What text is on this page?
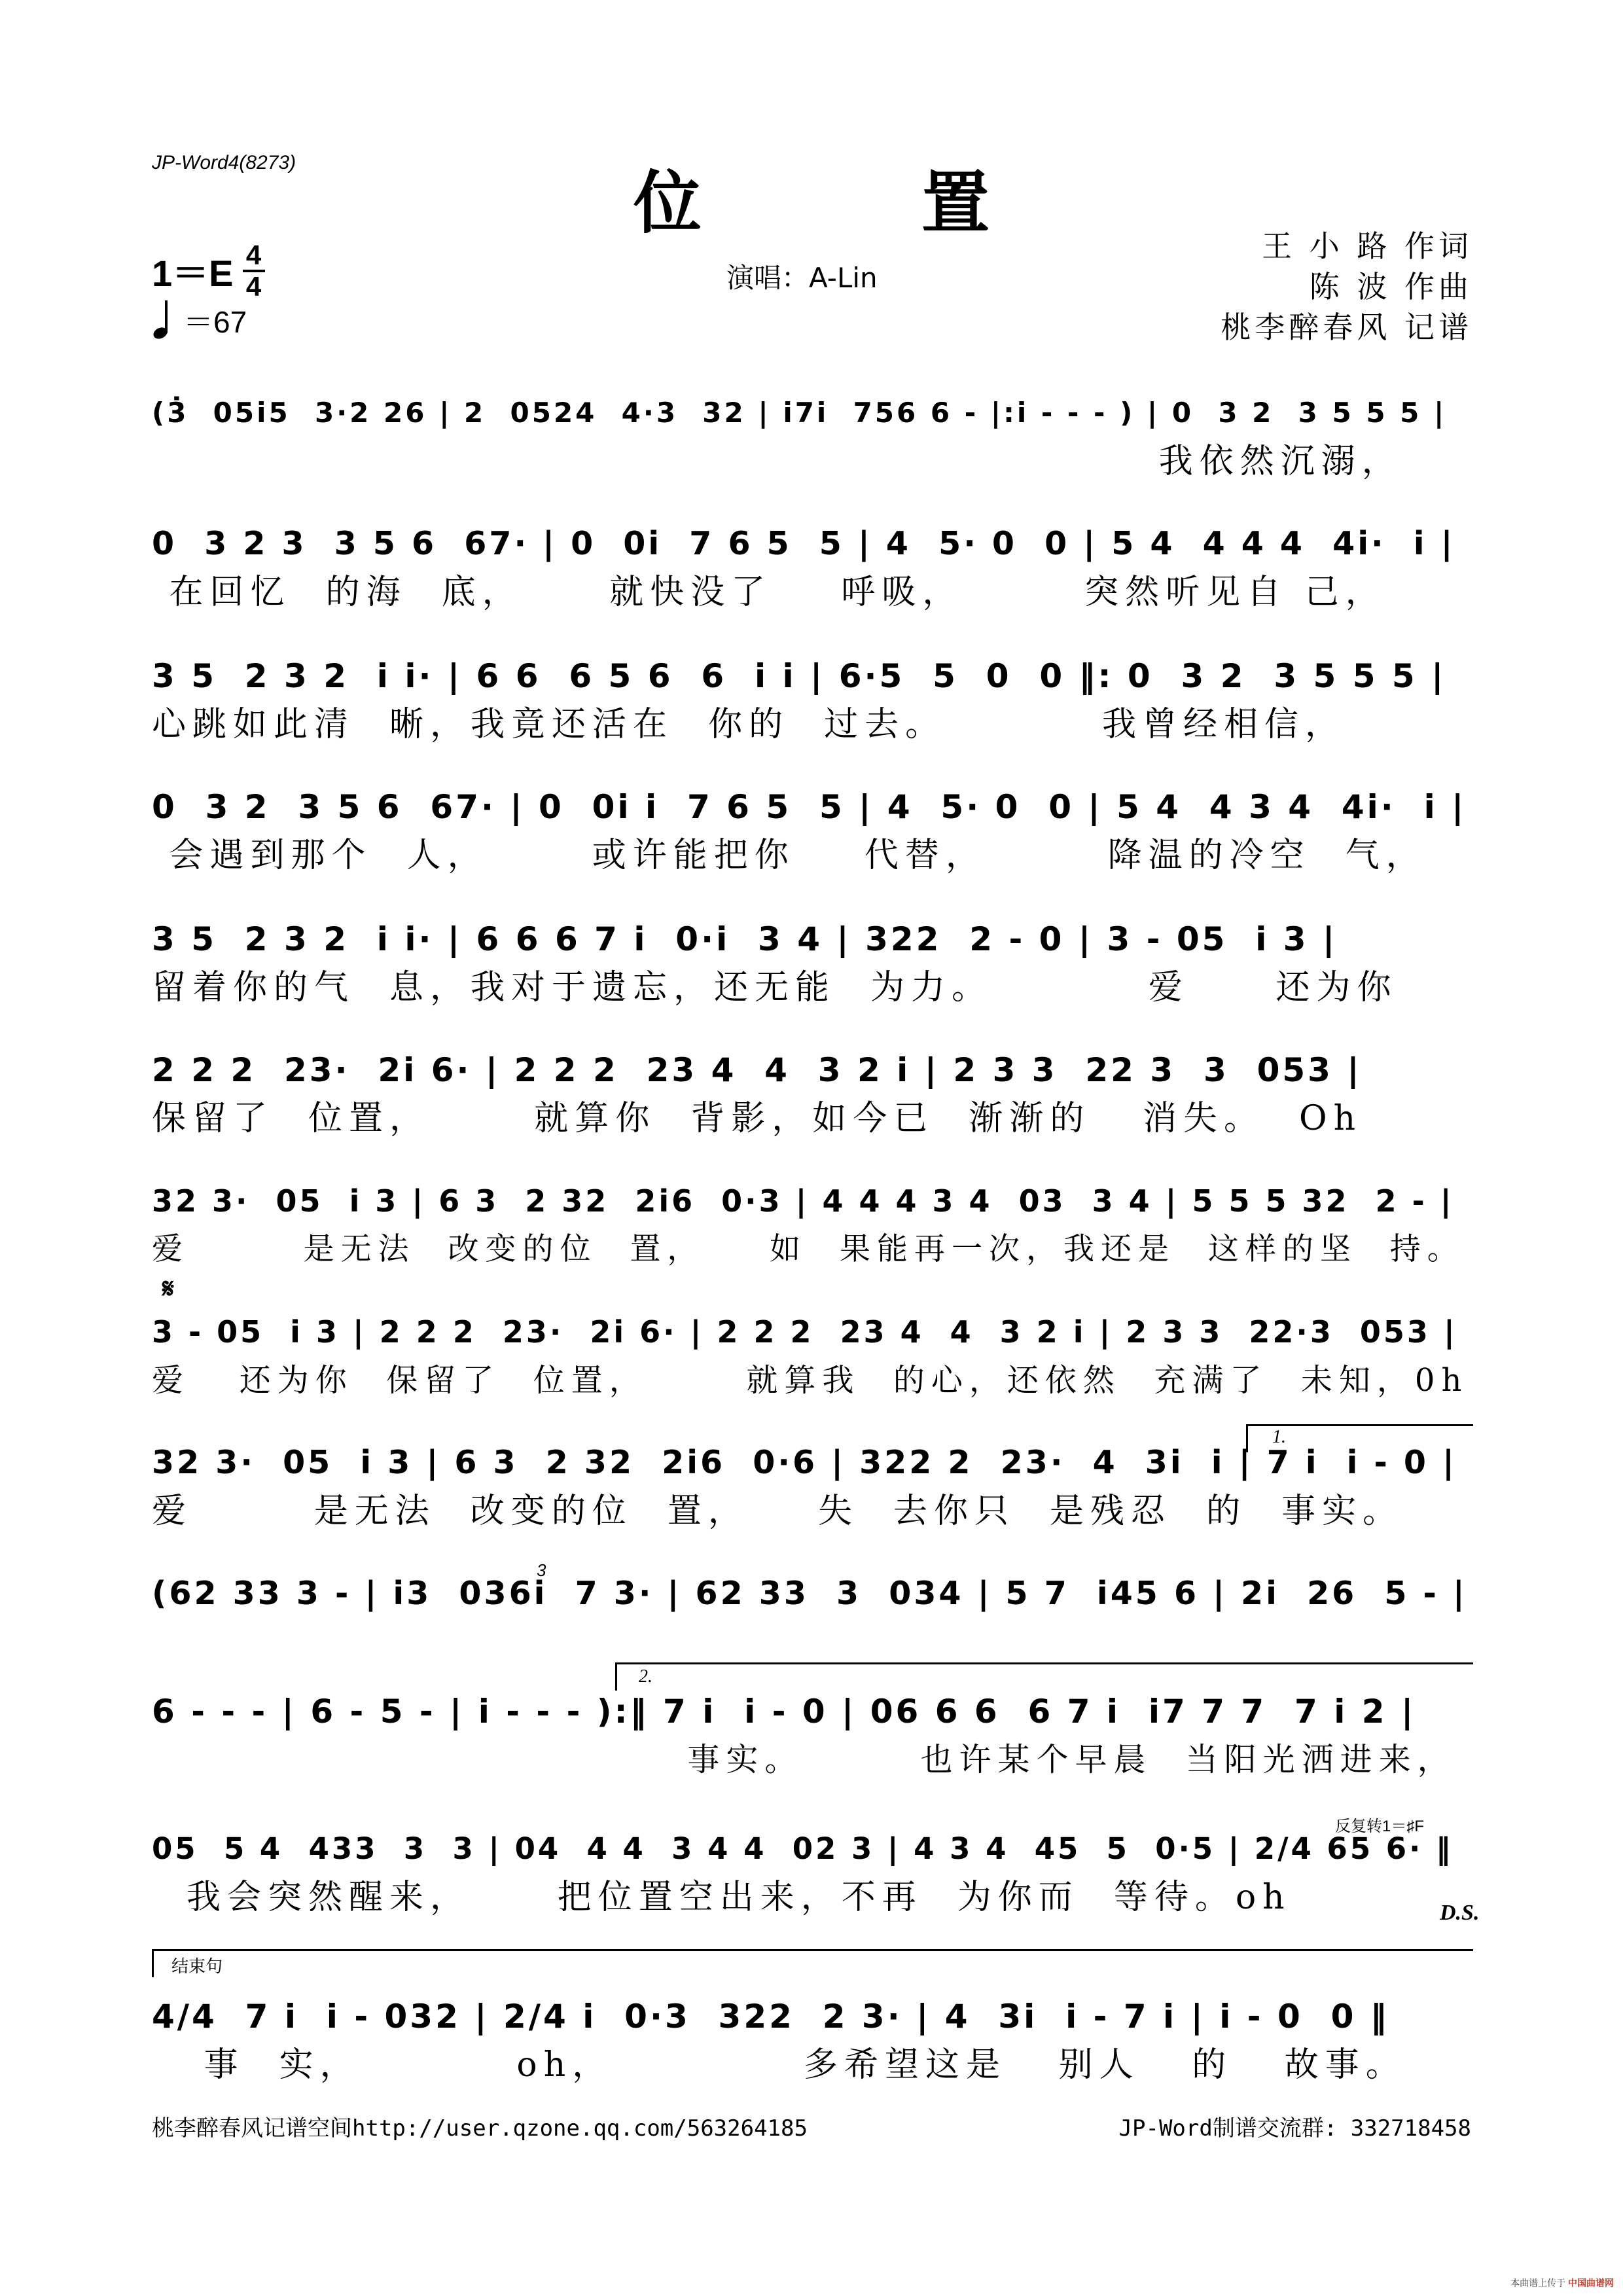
JP-Word4(8273)	位 置
$1=E \frac{4}{4}$
＝67
演唱：A-Lin
王 小 路 作词
陈 波 作曲
桃李醉春风 记谱
(3̇  05i5  3·2 26 | 2  0524  4·3  32 | i7i  756 6 - |:i - - - ) | 0  3 2  3 5 5 5 |
我依然沉溺，
0  3 2 3  3 5 6  67· | 0  0i  7 6 5  5 | 4  5· 0  0 | 5 4  4 4 4  4i·  i |
在回忆  的海  底，     就快没了    呼吸，       突然听见自 己，
3 5  2 3 2  i i· | 6 6  6 5 6  6  i i | 6·5  5  0  0 ‖: 0  3 2  3 5 5 5 |
心跳如此清  晰，我竟还活在  你的  过去。         我曾经相信，
0  3 2  3 5 6  67· | 0  0i i  7 6 5  5 | 4  5· 0  0 | 5 4  4 3 4  4i·  i |
会遇到那个  人，      或许能把你    代替，       降温的冷空  气，
3 5  2 3 2  i i· | 6 6 6 7 i  0·i  3 4 | 322  2 - 0 | 3 - 05  i 3 |
留着你的气  息，我对于遗忘，还无能  为力。         爱     还为你
2 2 2  23·  2i 6· | 2 2 2  23 4  4  3 2 i | 2 3 3  22 3  3  053 |
保留了  位置，      就算你  背影，如今已  渐渐的   消失。  Oh
32 3·  05  i 3 | 6 3  2 32  2i6  0·3 | 4 4 4 3 4  03  3 4 | 5 5 5 32  2 - |
爱       是无法  改变的位  置，    如  果能再一次，我还是  这样的坚  持。
𝄋
3 - 05  i 3 | 2 2 2  23·  2i 6· | 2 2 2  23 4  4  3 2 i | 2 3 3  22·3  053 |
爱   还为你  保留了  位置，      就算我  的心，还依然  充满了  未知，0h
1.
32 3·  05  i 3 | 6 3  2 32  2i6  0·6 | 322 2  23·  4  3i  i | 7 i  i - 0 |
爱       是无法  改变的位  置，    失  去你只  是残忍  的  事实。
3
(62 33 3 - | i3  036i  7 3· | 62 33  3  034 | 5 7  i45 6 | 2i  26  5 - |
2.
6 - - - | 6 - 5 - | i - - - ):‖ 7 i  i - 0 | 06 6 6  6 7 i  i7 7 7  7 i 2 |
事实。       也许某个早晨  当阳光洒进来，
反复转1＝♯F
05  5 4  433  3  3 | 04  4 4  3 4 4  02 3 | 4 3 4  45  5  0·5 | 2/4 65 6· ‖
我会突然醒来，     把位置空出来，不再  为你而  等待。oh	D.S.
结束句
4/4  7 i  i - 032 | 2/4 i  0·3  322  2 3· | 4  3i  i - 7 i | i - 0  0 ‖
事  实，         oh，           多希望这是   别人   的   故事。
桃李醉春风记谱空间http://user.qzone.qq.com/563264185	JP-Word制谱交流群: 332718458
本曲谱上传于 中国曲谱网
